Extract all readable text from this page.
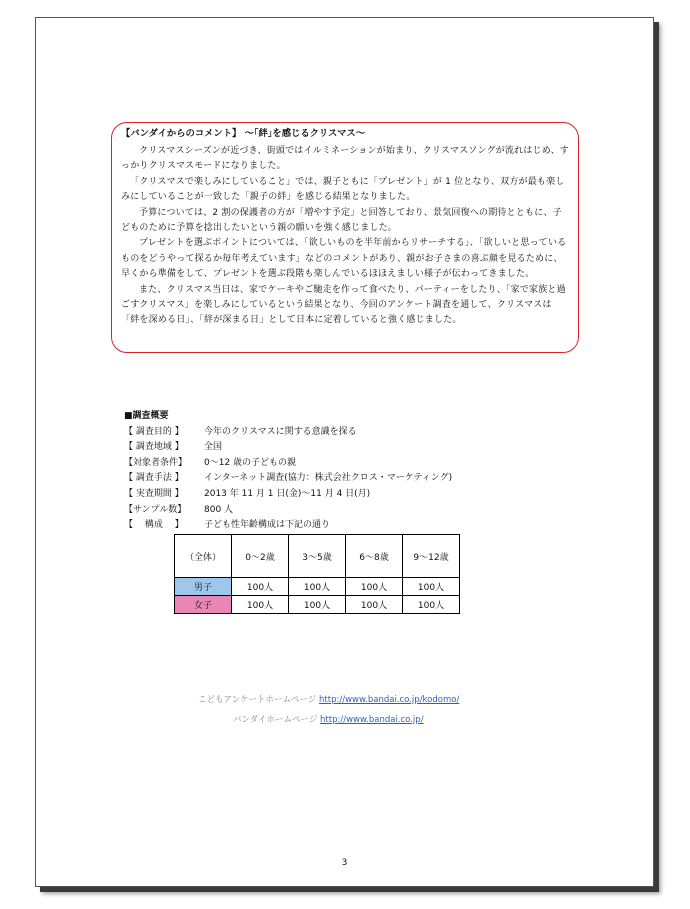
【バンダイからのコメント】 ～｢絆｣を感じるクリスマス～

クリスマスシーズンが近づき、街頭ではイルミネーションが始まり、クリスマスソングが流れはじめ、すっかりクリスマスモードになりました。

「クリスマスで楽しみにしていること」では、親子ともに「プレゼント」が 1 位となり、双方が最も楽しみにしていることが一致した「親子の絆」を感じる結果となりました。

予算については、2 割の保護者の方が「増やす予定」と回答しており、景気回復への期待とともに、子どものために予算を捻出したいという親の願いを強く感じました。

プレゼントを選ぶポイントについては、「欲しいものを半年前からリサーチする」、「欲しいと思っているものをどうやって探るか毎年考えています」などのコメントがあり、親がお子さまの喜ぶ顔を見るために、早くから準備をして、プレゼントを選ぶ段階も楽しんでいるほほえましい様子が伝わってきました。

また、クリスマス当日は、家でケーキやご馳走を作って食べたり、パーティーをしたり、「家で家族と過ごすクリスマス」を楽しみにしているという結果となり、今回のアンケート調査を通して、クリスマスは「絆を深める日」、「絆が深まる日」として日本に定着していると強く感じました。

■調査概要
【 調査目的 】	今年のクリスマスに関する意識を探る
【 調査地域 】	全国
【対象者条件】	0～12 歳の子どもの親
【 調査手法 】	インターネット調査(協力：株式会社クロス・マーケティング)
【 実査期間 】	2013 年 11 月 1 日(金)～11 月 4 日(月)
【サンプル数】	800 人
【　 構成　 】	子ども性年齢構成は下記の通り
（全体）	0～2歳	3～5歳	6～8歳	9～12歳
男子	100人	100人	100人	100人
女子	100人	100人	100人	100人
こどもアンケートホームページ http://www.bandai.co.jp/kodomo/
バンダイホームページ http://www.bandai.co.jp/
3
